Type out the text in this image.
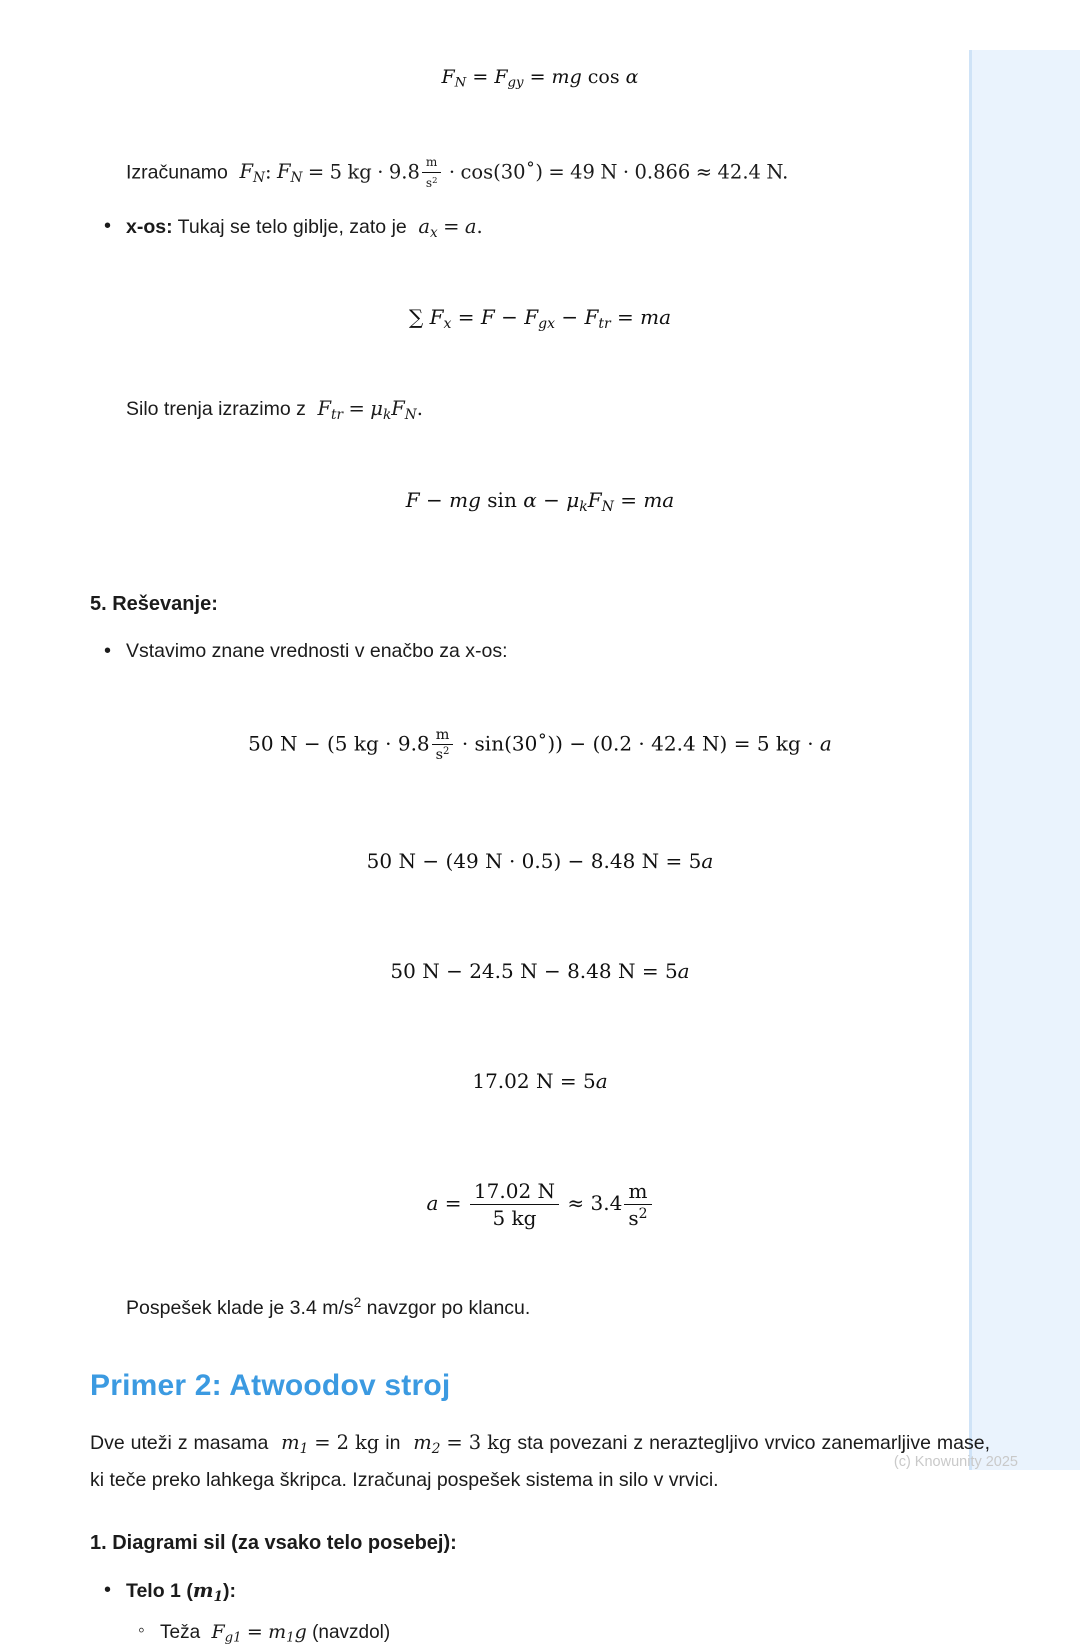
$F_N = F_{gy}$ = mg cos α
Izračunamo  $F_N$: $F_N = 5$ kg · $9.8 \frac{m}{s^2}$ · cos(30˚) = 49 N · 0.866 ≈ 42.4 N.
• x-os: Tukaj se telo giblje, zato je  $a_x = a$.
∑ $F_x = F - F_{gx} - F_{tr}$ = ma
Silo trenja izrazimo z  $F_{tr} = \mu_kF_N$.
F − mg $\sin \alpha - \mu_kF_N$ = ma
5. Reševanje:
• Vstavimo znane vrednosti v enačbo za x-os:
50 N − (5 kg · $9.8 \frac{m}{s^2}$ · sin(30˚)) − (0.2 · 42.4 N) = 5 kg · a
50 N − (49 N · 0.5) − 8.48 N = 5a
50 N − 24.5 N − 8.48 N = 5a
17.02 N = 5a
$a = \frac{17.02 N}{5 kg} \approx 3.4 \frac{m}{s^2}$
Pospešek klade je 3.4 $m/s^2$ navzgor po klancu.
Primer 2: Atwoodov stroj
Dve uteži z masama  $m_1 = 2$ kg in  $m_2 = 3$ kg sta povezani z neraztegljivo vrvico zanemarljive mase, ki teče preko lahkega škripca. Izračunaj pospešek sistema in silo v vrvici.
1. Diagrami sil (za vsako telo posebej):
• Telo 1 $(m_1)$:
◦ Teža  $F_{g1} = m_1g$ (navzdol)
(c) Knowunity 2025
